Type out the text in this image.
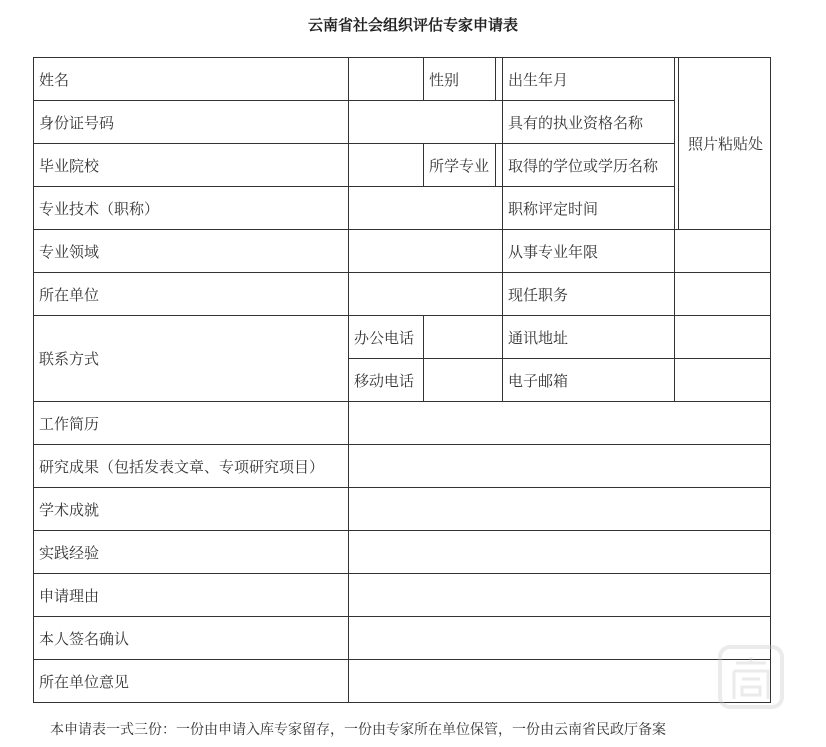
云南省社会组织评估专家申请表
姓名	性别	出生年月
照片粘贴处
身份证号码	具有的执业资格名称
毕业院校	所学专业	取得的学位或学历名称
专业技术（职称）	职称评定时间
专业领域	从事专业年限
所在单位	现任职务
联系方式
办公电话	通讯地址
移动电话	电子邮箱
工作简历
研究成果（包括发表文章、专项研究项目）
学术成就
实践经验
申请理由
本人签名确认
所在单位意见
本申请表一式三份：一份由申请入库专家留存，一份由专家所在单位保管，一份由云南省民政厅备案
